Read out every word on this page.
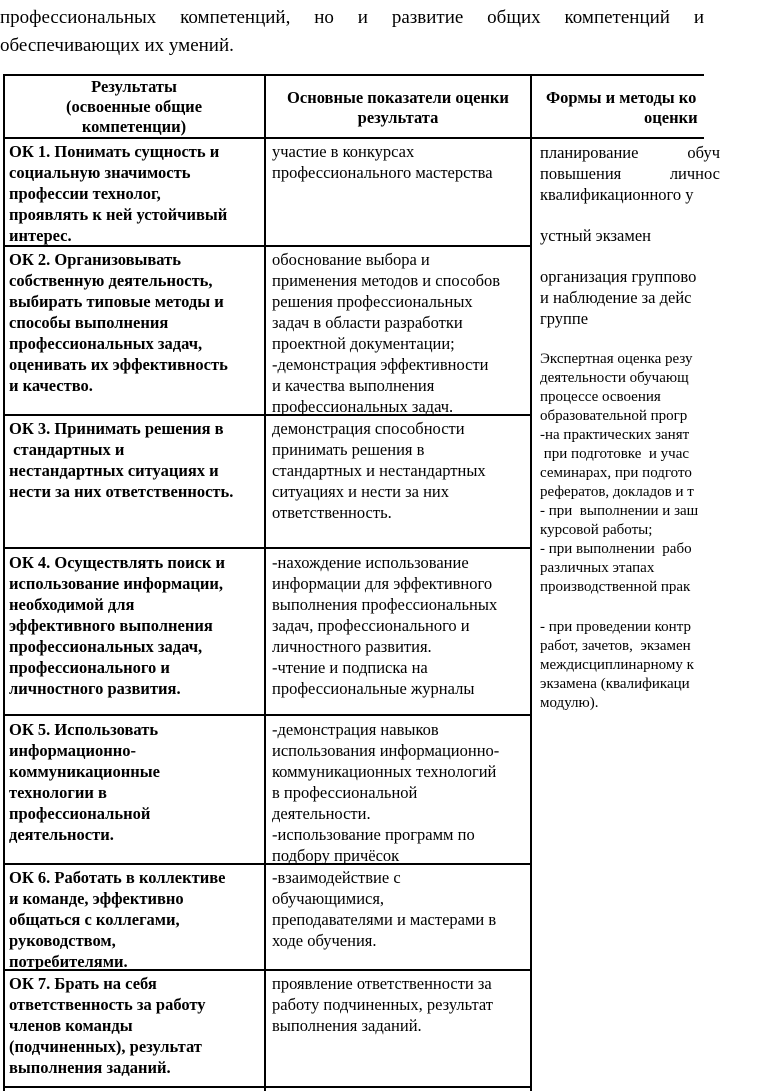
профессиональных компетенций, но и развитие общих компетенций и
обеспечивающих их умений.
Результаты
(освоенные общие
компетенции)
Основные показатели оценки
результата
Формы и методы ко
оценки
ОК 1. Понимать сущность и
социальную значимость
профессии технолог,
проявлять к ней устойчивый
интерес.
участие в конкурсах
профессионального мастерства
ОК 2. Организовывать
собственную деятельность,
выбирать типовые методы и
способы выполнения
профессиональных задач,
оценивать их эффективность
и качество.
обоснование выбора и
применения методов и способов
решения профессиональных
задач в области разработки
проектной документации;
-демонстрация эффективности
и качества выполнения
профессиональных задач.
ОК 3. Принимать решения в
стандартных и
нестандартных ситуациях и
нести за них ответственность.
демонстрация способности
принимать решения в
стандартных и нестандартных
ситуациях и нести за них
ответственность.
ОК 4. Осуществлять поиск и
использование информации,
необходимой для
эффективного выполнения
профессиональных задач,
профессионального и
личностного развития.
-нахождение использование
информации для эффективного
выполнения профессиональных
задач, профессионального и
личностного развития.
-чтение и подписка на
профессиональные журналы
ОК 5. Использовать
информационно-
коммуникационные
технологии в
профессиональной
деятельности.
-демонстрация навыков
использования информационно-
коммуникационных технологий
в профессиональной
деятельности.
-использование программ по
подбору причёсок
ОК 6. Работать в коллективе
и команде, эффективно
общаться с коллегами,
руководством,
потребителями.
-взаимодействие с
обучающимися,
преподавателями и мастерами в
ходе обучения.
ОК 7. Брать на себя
ответственность за работу
членов команды
(подчиненных), результат
выполнения заданий.
проявление ответственности за
работу подчиненных, результат
выполнения заданий.
планирование	обуч
повышения	личнос
квалификационного у
устный экзамен
организация группово
и наблюдение за дейс
группе
Экспертная оценка резу
деятельности обучающ
процессе освоения
образовательной прогр
-на практических занят
при подготовке  и учас
семинарах, при подгото
рефератов, докладов и т
- при  выполнении и заш
курсовой работы;
- при выполнении  рабо
различных этапах
производственной прак
- при проведении контр
работ, зачетов,  экзамен
междисциплинарному к
экзамена (квалификаци
модулю).
